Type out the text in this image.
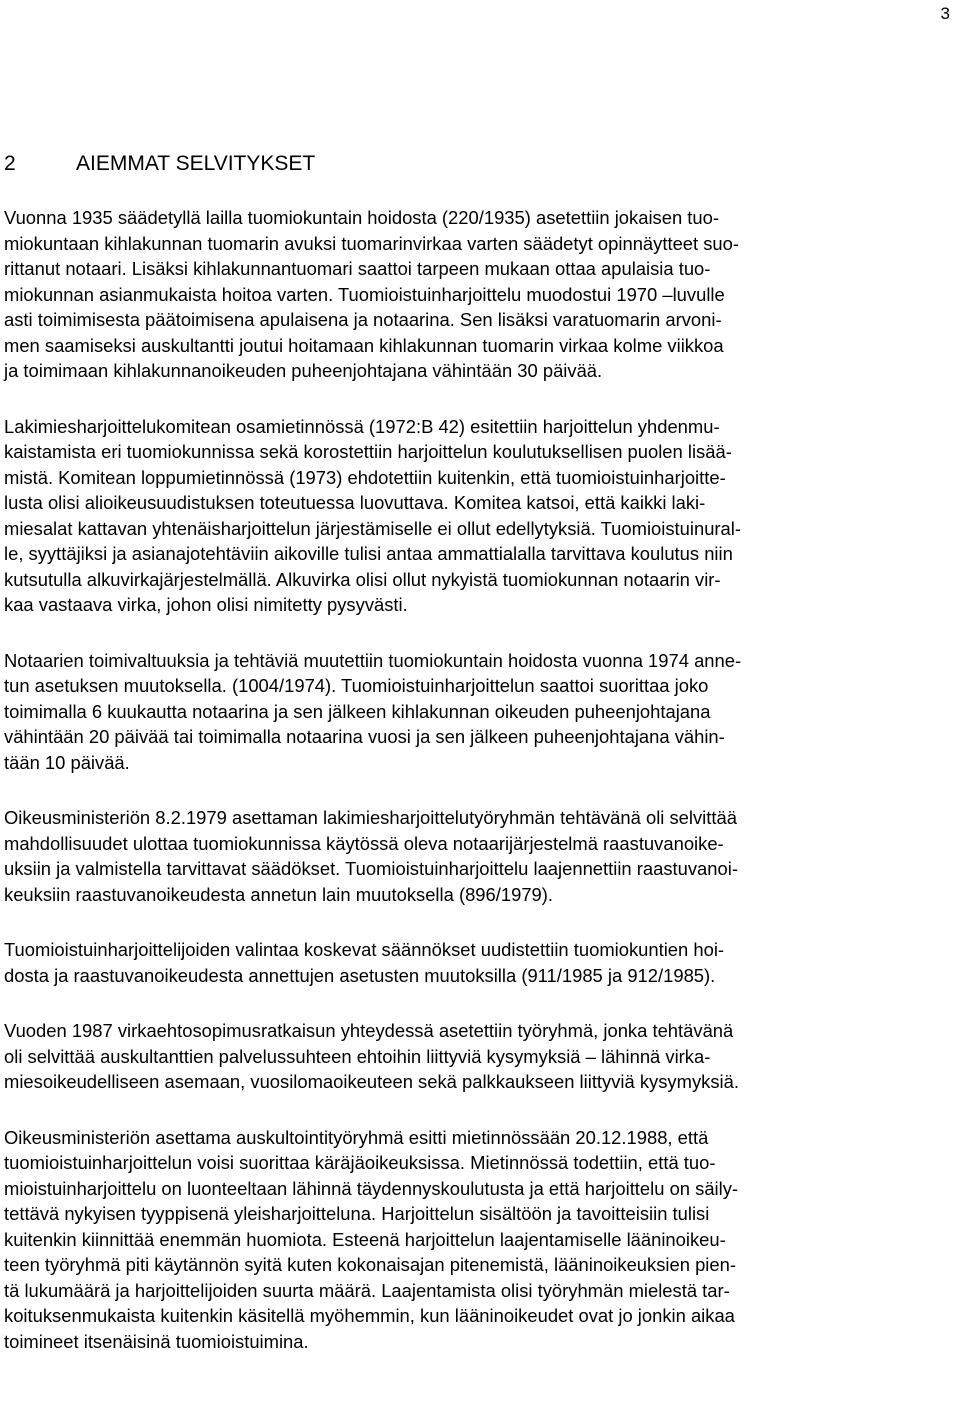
3
2	AIEMMAT SELVITYKSET

Vuonna 1935 säädetyllä lailla tuomiokuntain hoidosta (220/1935) asetettiin jokaisen tuo-
miokuntaan kihlakunnan tuomarin avuksi tuomarinvirkaa varten säädetyt opinnäytteet suo-
rittanut notaari. Lisäksi kihlakunnantuomari saattoi tarpeen mukaan ottaa apulaisia tuo-
miokunnan asianmukaista hoitoa varten. Tuomioistuinharjoittelu muodostui 1970 –luvulle
asti toimimisesta päätoimisena apulaisena ja notaarina. Sen lisäksi varatuomarin arvoni-
men saamiseksi auskultantti joutui hoitamaan kihlakunnan tuomarin virkaa kolme viikkoa
ja toimimaan kihlakunnanoikeuden puheenjohtajana vähintään 30 päivää.

Lakimiesharjoittelukomitean osamietinnössä (1972:B 42) esitettiin harjoittelun yhdenmu-
kaistamista eri tuomiokunnissa sekä korostettiin harjoittelun koulutuksellisen puolen lisää-
mistä. Komitean loppumietinnössä (1973) ehdotettiin kuitenkin, että tuomioistuinharjoitte-
lusta olisi alioikeusuudistuksen toteutuessa luovuttava. Komitea katsoi, että kaikki laki-
miesalat kattavan yhtenäisharjoittelun järjestämiselle ei ollut edellytyksiä. Tuomioistuinural-
le, syyttäjiksi ja asianajotehtäviin aikoville tulisi antaa ammattialalla tarvittava koulutus niin
kutsutulla alkuvirkajärjestelmällä. Alkuvirka olisi ollut nykyistä tuomiokunnan notaarin vir-
kaa vastaava virka, johon olisi nimitetty pysyvästi.

Notaarien toimivaltuuksia ja tehtäviä muutettiin tuomiokuntain hoidosta vuonna 1974 anne-
tun asetuksen muutoksella. (1004/1974). Tuomioistuinharjoittelun saattoi suorittaa joko
toimimalla 6 kuukautta notaarina ja sen jälkeen kihlakunnan oikeuden puheenjohtajana
vähintään 20 päivää tai toimimalla notaarina vuosi ja sen jälkeen puheenjohtajana vähin-
tään 10 päivää.

Oikeusministeriön 8.2.1979 asettaman lakimiesharjoittelutyöryhmän tehtävänä oli selvittää
mahdollisuudet ulottaa tuomiokunnissa käytössä oleva notaarijärjestelmä raastuvanoike-
uksiin ja valmistella tarvittavat säädökset. Tuomioistuinharjoittelu laajennettiin raastuvanoi-
keuksiin raastuvanoikeudesta annetun lain muutoksella (896/1979).

Tuomioistuinharjoittelijoiden valintaa koskevat säännökset uudistettiin tuomiokuntien hoi-
dosta ja raastuvanoikeudesta annettujen asetusten muutoksilla (911/1985 ja 912/1985).

Vuoden 1987 virkaehtosopimusratkaisun yhteydessä asetettiin työryhmä, jonka tehtävänä
oli selvittää auskultanttien palvelussuhteen ehtoihin liittyviä kysymyksiä – lähinnä virka-
miesoikeudelliseen asemaan, vuosilomaoikeuteen sekä palkkaukseen liittyviä kysymyksiä.

Oikeusministeriön asettama auskultointityöryhmä esitti mietinnössään 20.12.1988, että
tuomioistuinharjoittelun voisi suorittaa käräjäoikeuksissa. Mietinnössä todettiin, että tuo-
mioistuinharjoittelu on luonteeltaan lähinnä täydennyskoulutusta ja että harjoittelu on säily-
tettävä nykyisen tyyppisenä yleisharjoitteluna. Harjoittelun sisältöön ja tavoitteisiin tulisi
kuitenkin kiinnittää enemmän huomiota. Esteenä harjoittelun laajentamiselle lääninoikeu-
teen työryhmä piti käytännön syitä kuten kokonaisajan pitenemistä, lääninoikeuksien pien-
tä lukumäärä ja harjoittelijoiden suurta määrä. Laajentamista olisi työryhmän mielestä tar-
koituksenmukaista kuitenkin käsitellä myöhemmin, kun lääninoikeudet ovat jo jonkin aikaa
toimineet itsenäisinä tuomioistuimina.
